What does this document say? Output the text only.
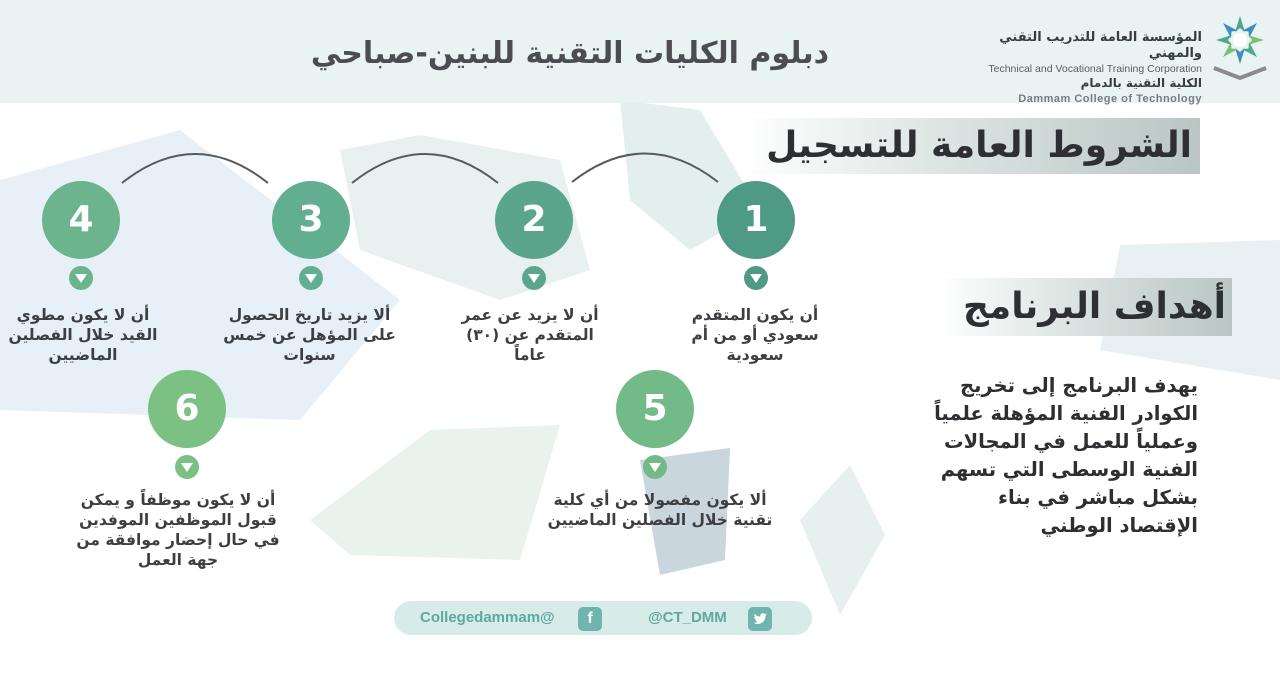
دبلوم الكليات التقنية للبنين-صباحي	المؤسسة العامة للتدريب التقني والمهني
Technical and Vocational Training Corporation
الكلية التقنية بالدمام
Dammam College of Technology
الشروط العامة للتسجيل
أهداف البرنامج
1
أن يكون المتقدم سعودي أو من أم سعودية
2
أن لا يزيد عن عمر المتقدم عن (٣٠) عاماً
3
ألا يزيد تاريخ الحصول على المؤهل عن خمس سنوات
4
أن لا يكون مطوي القيد خلال الفصلين الماضيين
5
ألا يكون مفصولا من أي كلية تقنية خلال الفصلين الماضيين
6
أن لا يكون موظفاً و يمكن قبول الموظفين الموفدين في حال إحضار موافقة من جهة العمل
يهدف البرنامج إلى تخريج الكوادر الفنية المؤهلة علمياً وعملياً للعمل في المجالات الفنية الوسطى التي تسهم بشكل مباشر في بناء الإقتصاد الوطني
Collegedammam@	f	@CT_DMM
